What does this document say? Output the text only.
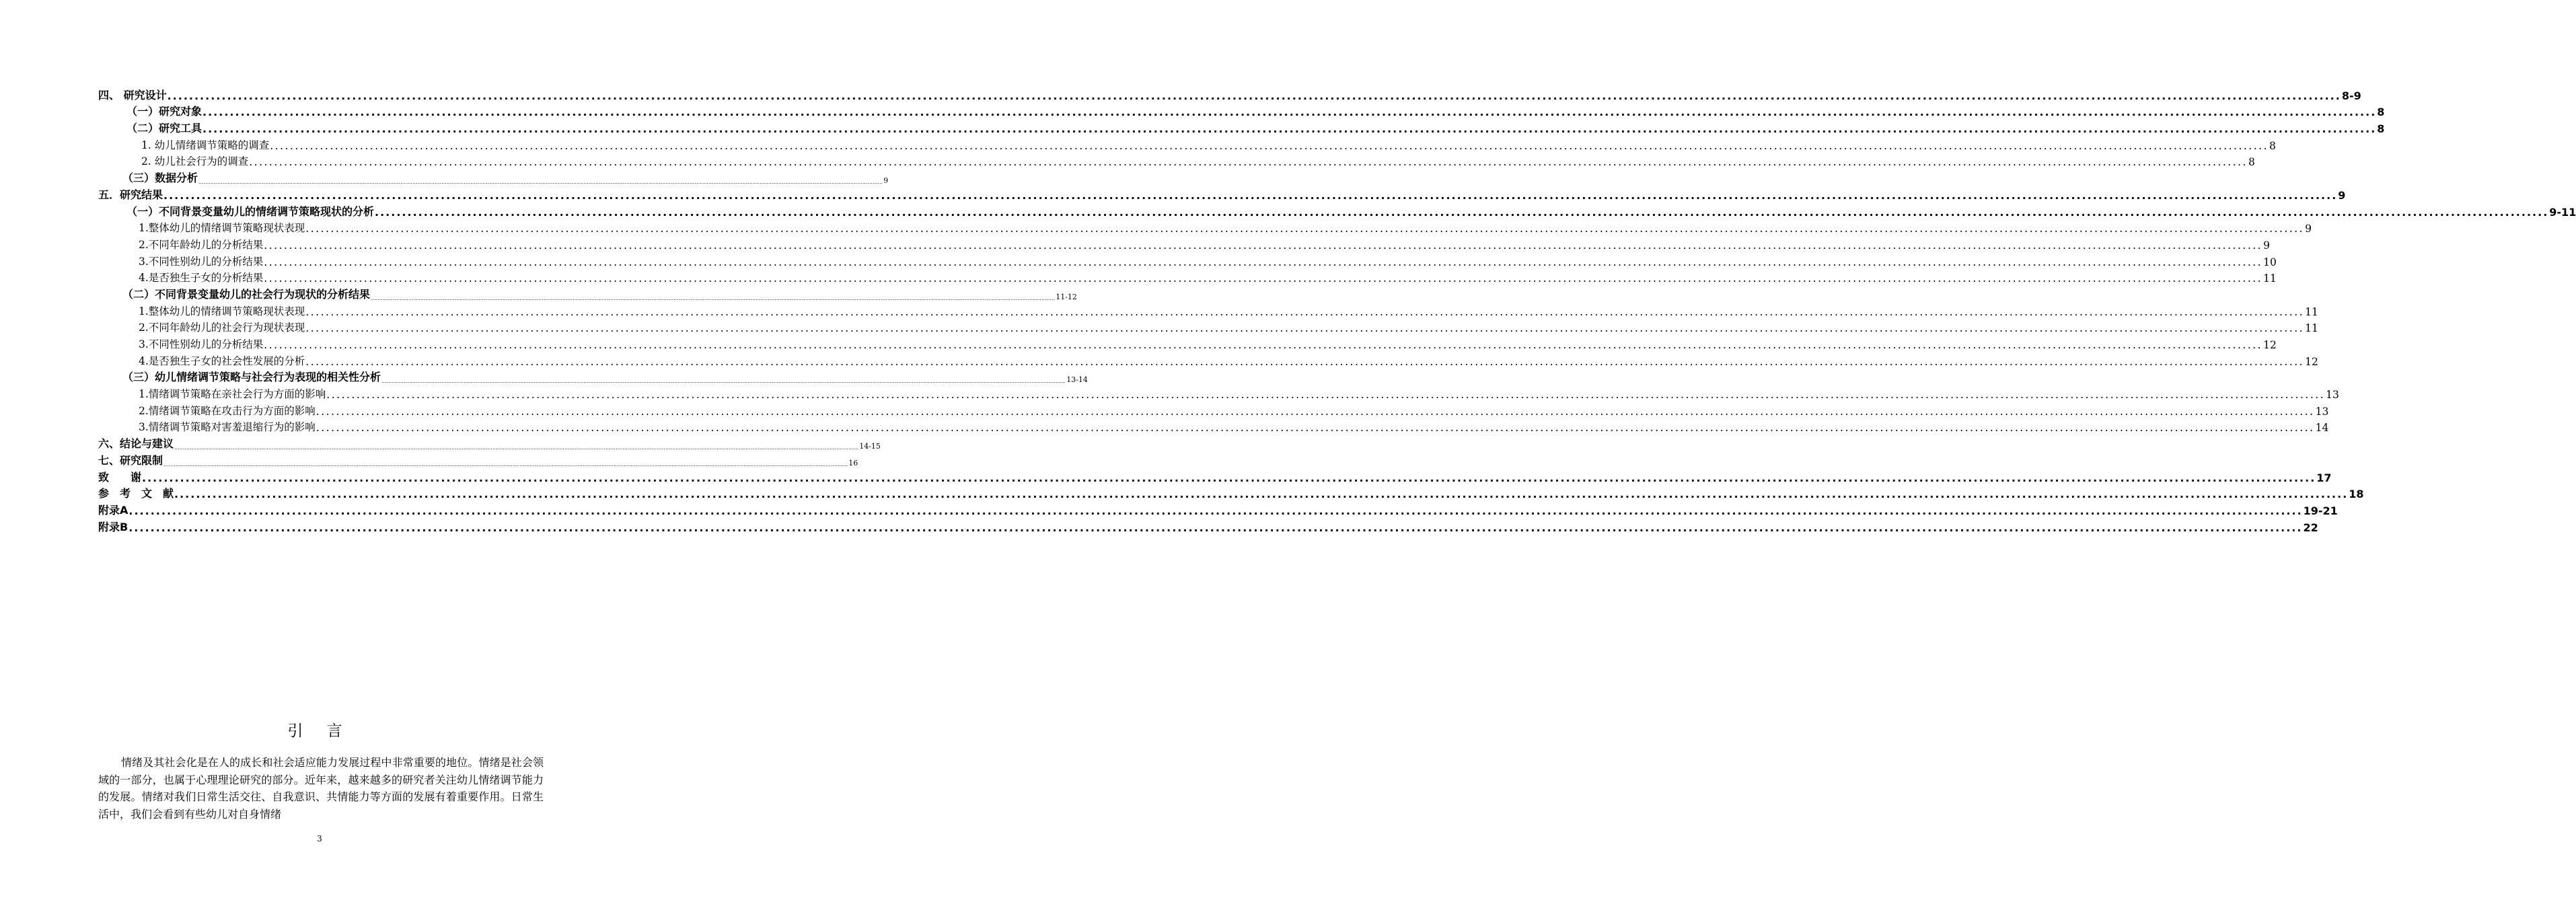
四、 研究设计 ................................................................................................................................................................................................................................................................................................................................................................................................................ 8-9
（一）研究对象 ................................................................................................................................................................................................................................................................................................................................................................................................................ 8
（二）研究工具 ................................................................................................................................................................................................................................................................................................................................................................................................................ 8
1. 幼儿情绪调节策略的调查 ................................................................................................................................................................................................................................................................................................................................................................................................................ 8
2. 幼儿社会行为的调查 ................................................................................................................................................................................................................................................................................................................................................................................................................ 8
（三）数据分析 ................................................................................................................................................................................................................................................................................................................................................................................................................ 9
五．研究结果 ................................................................................................................................................................................................................................................................................................................................................................................................................ 9
（一）不同背景变量幼儿的情绪调节策略现状的分析 ................................................................................................................................................................................................................................................................................................................................................................................................................ 9-11
1.整体幼儿的情绪调节策略现状表现 ................................................................................................................................................................................................................................................................................................................................................................................................................ 9
2.不同年龄幼儿的分析结果 ................................................................................................................................................................................................................................................................................................................................................................................................................ 9
3.不同性别幼儿的分析结果 ................................................................................................................................................................................................................................................................................................................................................................................................................ 10
4.是否独生子女的分析结果 ................................................................................................................................................................................................................................................................................................................................................................................................................ 11
（二）不同背景变量幼儿的社会行为现状的分析结果 ................................................................................................................................................................................................................................................................................................................................................................................................................ 11-12
1.整体幼儿的情绪调节策略现状表现 ................................................................................................................................................................................................................................................................................................................................................................................................................ 11
2.不同年龄幼儿的社会行为现状表现 ................................................................................................................................................................................................................................................................................................................................................................................................................ 11
3.不同性别幼儿的分析结果 ................................................................................................................................................................................................................................................................................................................................................................................................................ 12
4.是否独生子女的社会性发展的分析 ................................................................................................................................................................................................................................................................................................................................................................................................................ 12
（三）幼儿情绪调节策略与社会行为表现的相关性分析 ................................................................................................................................................................................................................................................................................................................................................................................................................ 13-14
1.情绪调节策略在亲社会行为方面的影响 ................................................................................................................................................................................................................................................................................................................................................................................................................ 13
2.情绪调节策略在攻击行为方面的影响 ................................................................................................................................................................................................................................................................................................................................................................................................................ 13
3.情绪调节策略对害羞退缩行为的影响 ................................................................................................................................................................................................................................................................................................................................................................................................................ 14
六、结论与建议 ................................................................................................................................................................................................................................................................................................................................................................................................................ 14-15
七、研究限制 ................................................................................................................................................................................................................................................................................................................................................................................................................ 16
致　　谢 ................................................................................................................................................................................................................................................................................................................................................................................................................ 17
参　考　文　献 ................................................................................................................................................................................................................................................................................................................................................................................................................ 18
附录A ................................................................................................................................................................................................................................................................................................................................................................................................................ 19-21
附录B ................................................................................................................................................................................................................................................................................................................................................................................................................ 22
引 言
情绪及其社会化是在人的成长和社会适应能力发展过程中非常重要的地位。情绪是社会领域的一部分，也属于心理理论研究的部分。近年来，越来越多的研究者关注幼儿情绪调节能力的发展。情绪对我们日常生活交往、自我意识、共情能力等方面的发展有着重要作用。日常生活中，我们会看到有些幼儿对自身情绪
3
